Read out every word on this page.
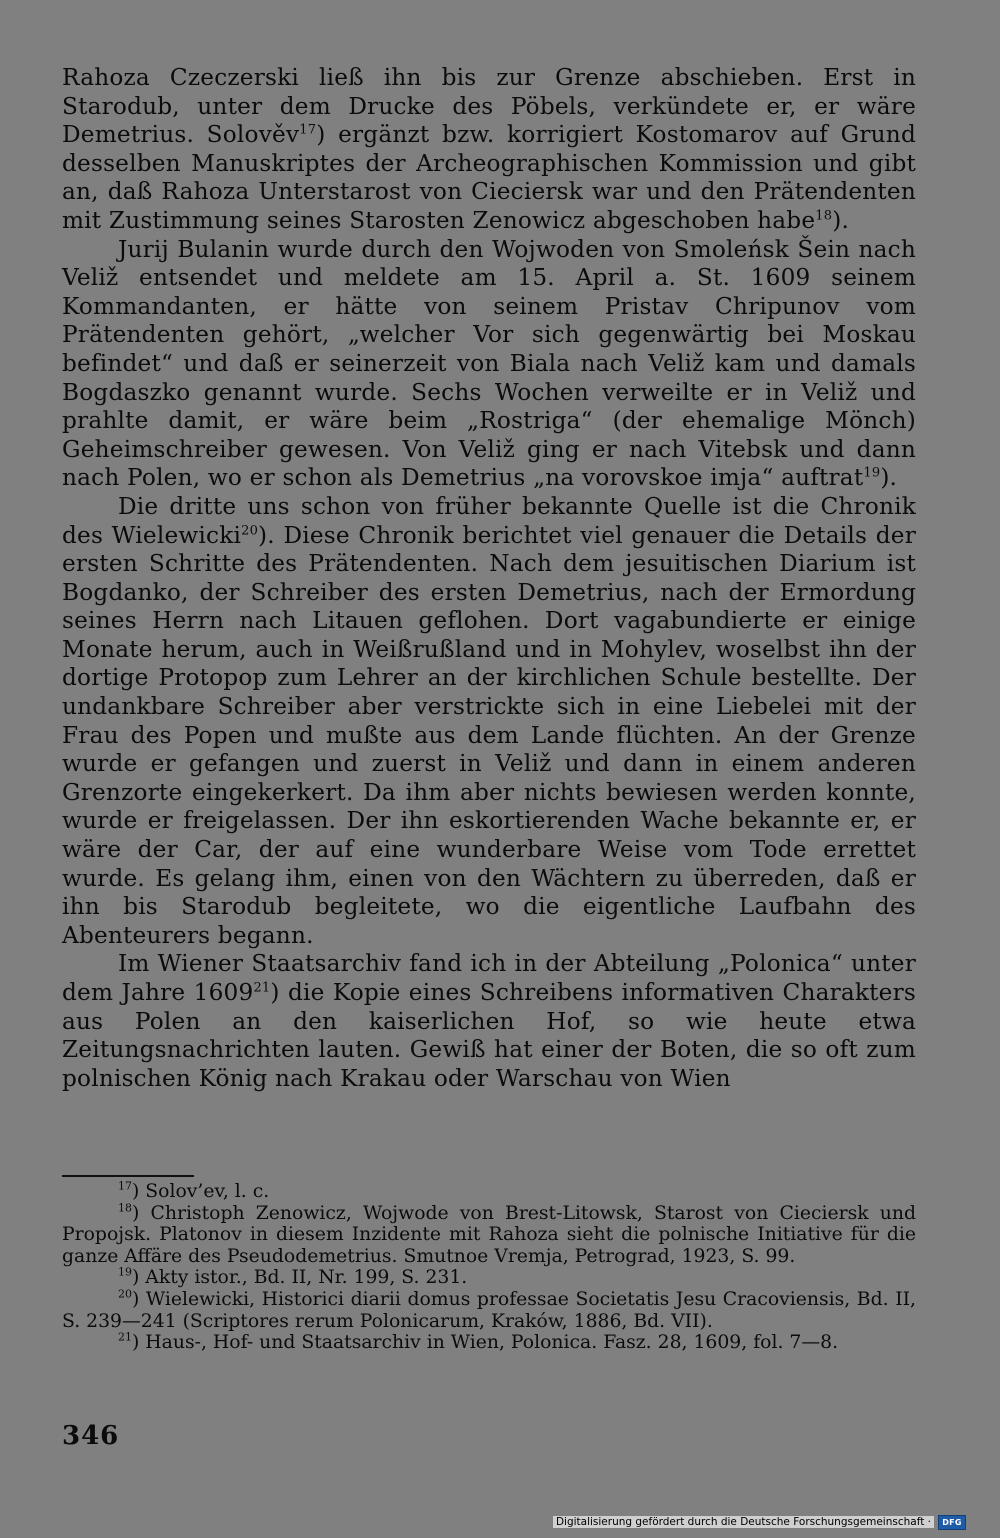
Rahoza Czeczerski ließ ihn bis zur Grenze abschieben. Erst in Starodub, unter dem Drucke des Pöbels, verkündete er, er wäre Demetrius. Solověv$^{17}$) ergänzt bzw. korrigiert Kostomarov auf Grund desselben Manuskriptes der Archeographischen Kommission und gibt an, daß Rahoza Unterstarost von Cieciersk war und den Prätendenten mit Zustimmung seines Starosten Zenowicz abgeschoben habe$^{18}$).

Jurij Bulanin wurde durch den Wojwoden von Smoleńsk Šein nach Veliž entsendet und meldete am 15. April a. St. 1609 seinem Kommandanten, er hätte von seinem Pristav Chripunov vom Prätendenten gehört, „welcher Vor sich gegenwärtig bei Moskau befindet“ und daß er seinerzeit von Biala nach Veliž kam und damals Bogdaszko genannt wurde. Sechs Wochen verweilte er in Veliž und prahlte damit, er wäre beim „Rostriga“ (der ehemalige Mönch) Geheimschreiber gewesen. Von Veliž ging er nach Vitebsk und dann nach Polen, wo er schon als Demetrius „na vorovskoe imja“ auftrat$^{19}$).

Die dritte uns schon von früher bekannte Quelle ist die Chronik des Wielewicki$^{20}$). Diese Chronik berichtet viel genauer die Details der ersten Schritte des Prätendenten. Nach dem jesuitischen Diarium ist Bogdanko, der Schreiber des ersten Demetrius, nach der Ermordung seines Herrn nach Litauen geflohen. Dort vagabundierte er einige Monate herum, auch in Weißrußland und in Mohylev, woselbst ihn der dortige Protopop zum Lehrer an der kirchlichen Schule bestellte. Der undankbare Schreiber aber verstrickte sich in eine Liebelei mit der Frau des Popen und mußte aus dem Lande flüchten. An der Grenze wurde er gefangen und zuerst in Veliž und dann in einem anderen Grenzorte eingekerkert. Da ihm aber nichts bewiesen werden konnte, wurde er freigelassen. Der ihn eskortierenden Wache bekannte er, er wäre der Car, der auf eine wunderbare Weise vom Tode errettet wurde. Es gelang ihm, einen von den Wächtern zu überreden, daß er ihn bis Starodub begleitete, wo die eigentliche Laufbahn des Abenteurers begann.

Im Wiener Staatsarchiv fand ich in der Abteilung „Polonica“ unter dem Jahre 1609$^{21}$) die Kopie eines Schreibens informativen Charakters aus Polen an den kaiserlichen Hof, so wie heute etwa Zeitungsnachrichten lauten. Gewiß hat einer der Boten, die so oft zum polnischen König nach Krakau oder Warschau von Wien

$^{17}$) Solov’ev, l. c.

$^{18}$) Christoph Zenowicz, Wojwode von Brest-Litowsk, Starost von Cieciersk und Propojsk. Platonov in diesem Inzidente mit Rahoza sieht die polnische Initiative für die ganze Affäre des Pseudodemetrius. Smutnoe Vremja, Petrograd, 1923, S. 99.

$^{19}$) Akty istor., Bd. II, Nr. 199, S. 231.

$^{20}$) Wielewicki, Historici diarii domus professae Societatis Jesu Cracoviensis, Bd. II, S. 239—241 (Scriptores rerum Polonicarum, Kraków, 1886, Bd. VII).

$^{21}$) Haus-, Hof- und Staatsarchiv in Wien, Polonica. Fasz. 28, 1609, fol. 7—8.

346
Digitalisierung gefördert durch die Deutsche Forschungsgemeinschaft ·	DFG
